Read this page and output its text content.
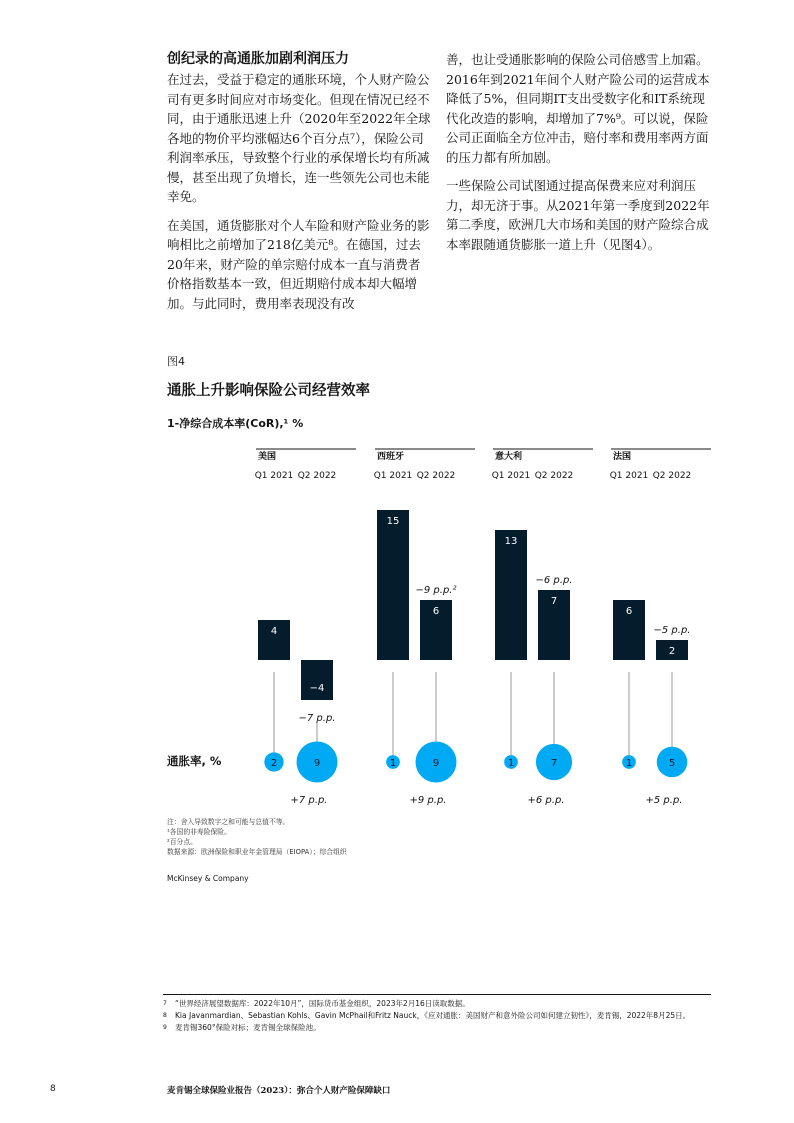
创纪录的高通胀加剧利润压力

在过去，受益于稳定的通胀环境，个人财产险公司有更多时间应对市场变化。但现在情况已经不同，由于通胀迅速上升（2020年至2022年全球各地的物价平均涨幅达6个百分点⁷），保险公司利润率承压，导致整个行业的承保增长均有所减慢，甚至出现了负增长，连一些领先公司也未能幸免。

在美国，通货膨胀对个人车险和财产险业务的影响相比之前增加了218亿美元⁸。在德国，过去20年来，财产险的单宗赔付成本一直与消费者价格指数基本一致，但近期赔付成本却大幅增加。与此同时，费用率表现没有改

善，也让受通胀影响的保险公司倍感雪上加霜。2016年到2021年间个人财产险公司的运营成本降低了5%，但同期IT支出受数字化和IT系统现代化改造的影响，却增加了7%⁹。可以说，保险公司正面临全方位冲击，赔付率和费用率两方面的压力都有所加剧。

一些保险公司试图通过提高保费来应对利润压力，却无济于事。从2021年第一季度到2022年第二季度，欧洲几大市场和美国的财产险综合成本率跟随通货膨胀一道上升（见图4）。

图4
通胀上升影响保险公司经营效率
1-净综合成本率(CoR),¹ %
美国
Q1 2021
4
2
Q2 2022
−4
9
−7 p.p.
+7 p.p.
西班牙
Q1 2021
15
1
Q2 2022
6
9
−9 p.p.²
+9 p.p.
意大利
Q1 2021
13
1
Q2 2022
7
7
−6 p.p.
+6 p.p.
法国
Q1 2021
6
1
Q2 2022
2
5
−5 p.p.
+5 p.p.
通胀率, %
注：舍入导致数字之和可能与总值不等。
¹各国的非寿险保险。
²百分点。
数据来源：欧洲保险和职业年金管理局（EIOPA）；综合组织
McKinsey & Company
7	“世界经济展望数据库：2022年10月”，国际货币基金组织，2023年2月16日读取数据。
8	Kia Javanmardian、Sebastian Kohls、Gavin McPhail和Fritz Nauck，《应对通胀：美国财产和意外险公司如何建立韧性》，麦肯锡，2022年8月25日。
9	麦肯锡360°保险对标；麦肯锡全球保险池。
8	麦肯锡全球保险业报告（2023）：弥合个人财产险保障缺口
